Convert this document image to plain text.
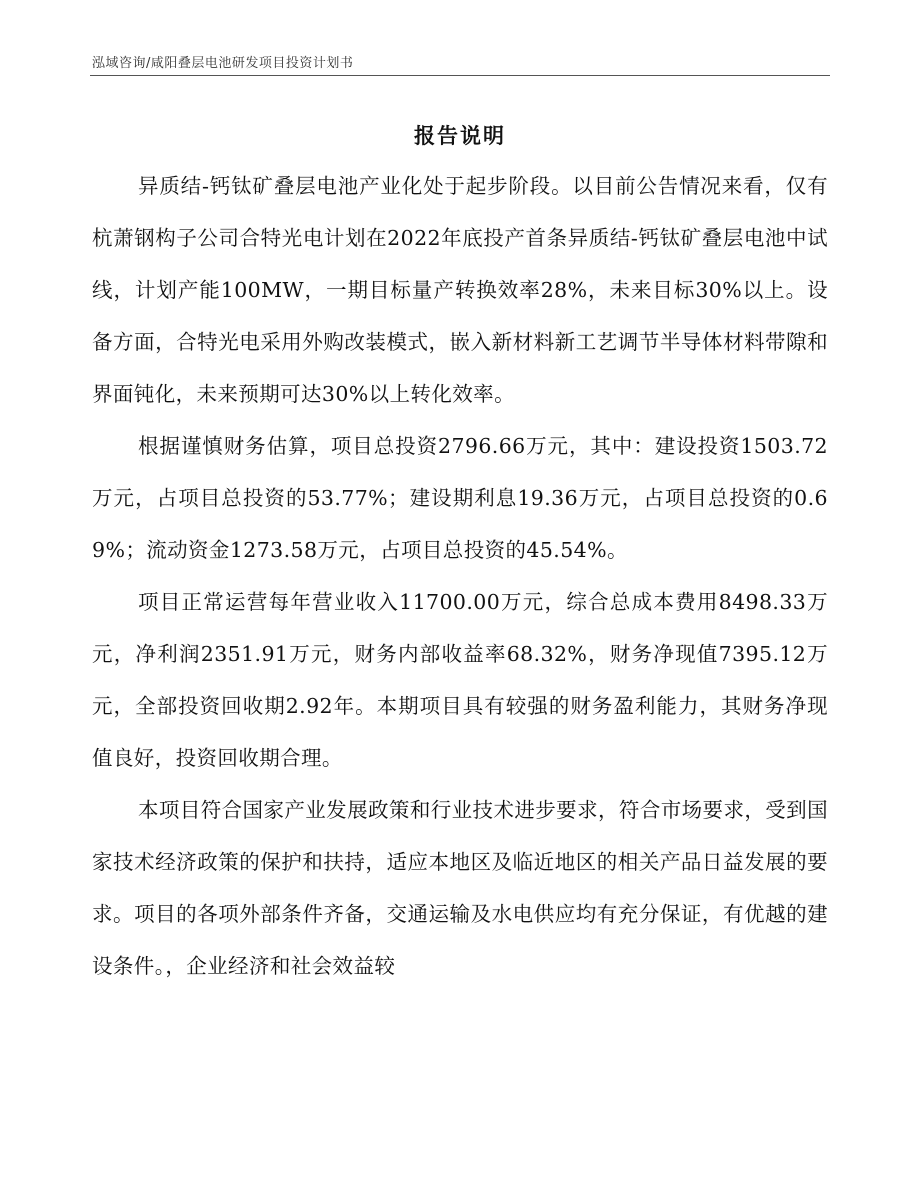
泓域咨询/咸阳叠层电池研发项目投资计划书
报告说明

异质结-钙钛矿叠层电池产业化处于起步阶段。以目前公告情况来看，仅有杭萧钢构子公司合特光电计划在2022年底投产首条异质结-钙钛矿叠层电池中试线，计划产能100MW，一期目标量产转换效率28%，未来目标30%以上。设备方面，合特光电采用外购改装模式，嵌入新材料新工艺调节半导体材料带隙和界面钝化，未来预期可达30%以上转化效率。

根据谨慎财务估算，项目总投资2796.66万元，其中：建设投资1503.72万元，占项目总投资的53.77%；建设期利息19.36万元，占项目总投资的0.69%；流动资金1273.58万元，占项目总投资的45.54%。

项目正常运营每年营业收入11700.00万元，综合总成本费用8498.33万元，净利润2351.91万元，财务内部收益率68.32%，财务净现值7395.12万元，全部投资回收期2.92年。本期项目具有较强的财务盈利能力，其财务净现值良好，投资回收期合理。

本项目符合国家产业发展政策和行业技术进步要求，符合市场要求，受到国家技术经济政策的保护和扶持，适应本地区及临近地区的相关产品日益发展的要求。项目的各项外部条件齐备，交通运输及水电供应均有充分保证，有优越的建设条件。，企业经济和社会效益较
